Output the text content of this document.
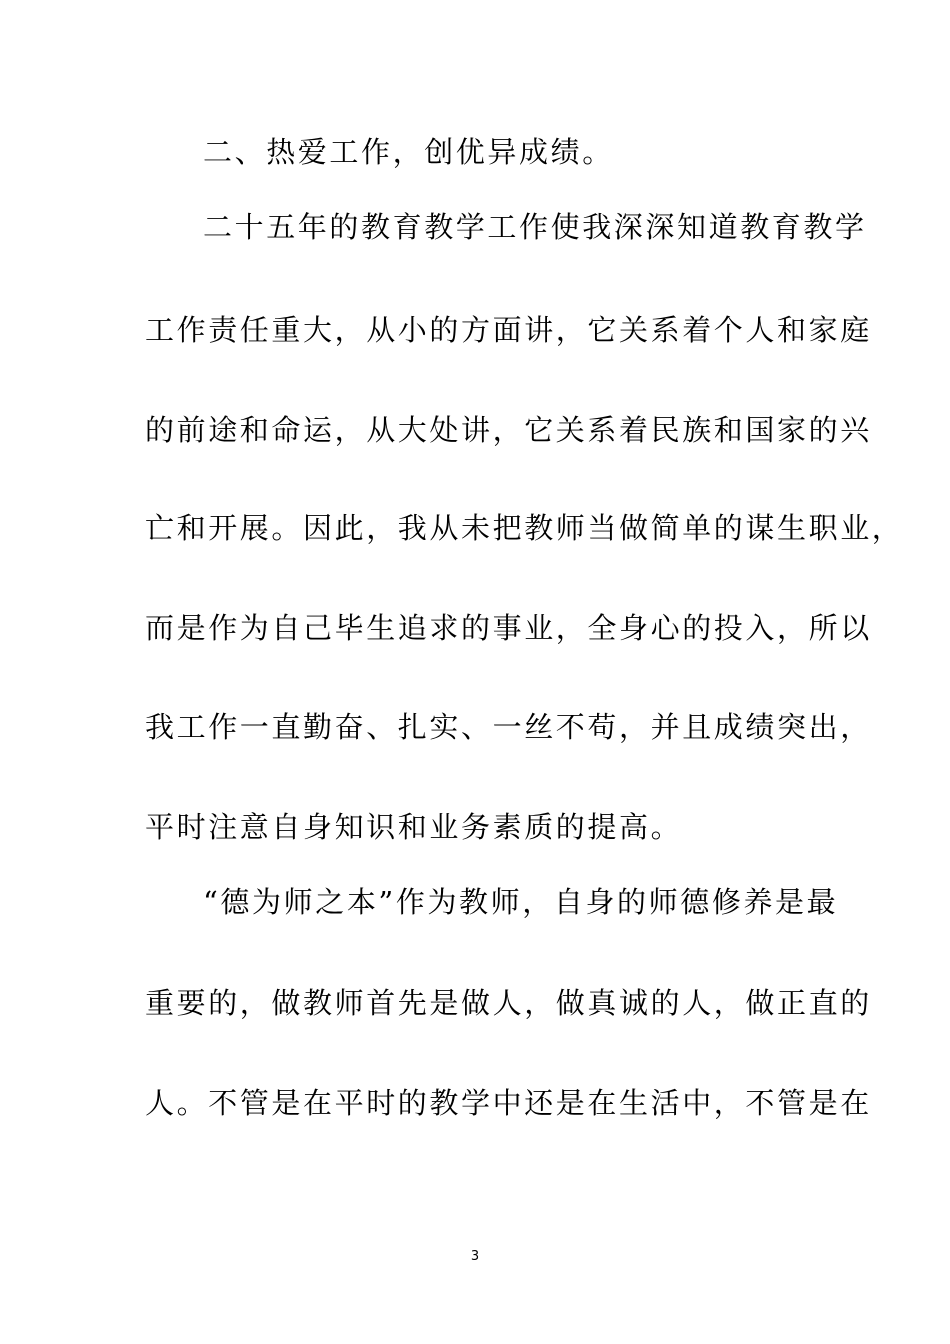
二、热爱工作，创优异成绩。
二十五年的教育教学工作使我深深知道教育教学
工作责任重大，从小的方面讲，它关系着个人和家庭
的前途和命运，从大处讲，它关系着民族和国家的兴
亡和开展。因此，我从未把教师当做简单的谋生职业，
而是作为自己毕生追求的事业，全身心的投入，所以
我工作一直勤奋、扎实、一丝不苟，并且成绩突出，
平时注意自身知识和业务素质的提高。
“德为师之本”作为教师，自身的师德修养是最
重要的，做教师首先是做人，做真诚的人，做正直的
人。不管是在平时的教学中还是在生活中，不管是在
3
